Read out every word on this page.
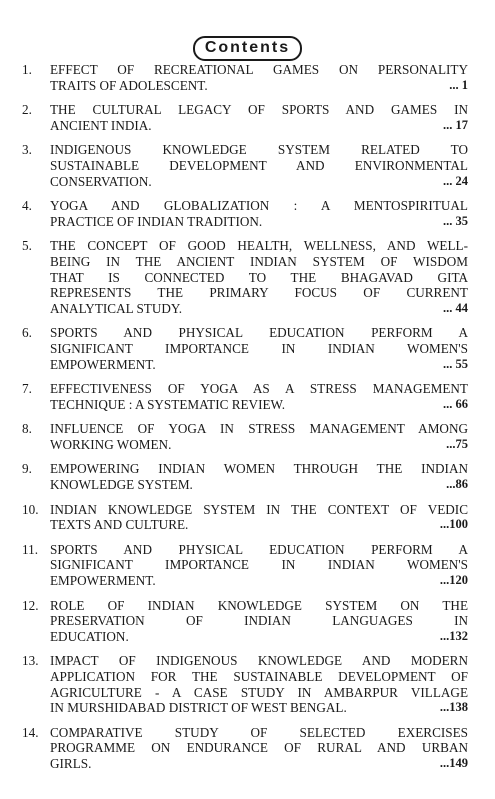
Contents
1.	EFFECT OF RECREATIONAL GAMES ON PERSONALITY
TRAITS OF ADOLESCENT.	... 1
2.	THE CULTURAL LEGACY OF SPORTS AND GAMES IN
ANCIENT INDIA.	... 17
3.	INDIGENOUS KNOWLEDGE SYSTEM RELATED TO
SUSTAINABLE DEVELOPMENT AND ENVIRONMENTAL
CONSERVATION.	... 24
4.	YOGA AND GLOBALIZATION : A MENTOSPIRITUAL
PRACTICE OF INDIAN TRADITION.	... 35
5.	THE CONCEPT OF GOOD HEALTH, WELLNESS, AND WELL-
BEING IN THE ANCIENT INDIAN SYSTEM OF WISDOM
THAT IS CONNECTED TO THE BHAGAVAD GITA
REPRESENTS THE PRIMARY FOCUS OF CURRENT
ANALYTICAL STUDY.	... 44
6.	SPORTS AND PHYSICAL EDUCATION PERFORM A
SIGNIFICANT IMPORTANCE IN INDIAN WOMEN'S
EMPOWERMENT.	... 55
7.	EFFECTIVENESS OF YOGA AS A STRESS MANAGEMENT
TECHNIQUE : A SYSTEMATIC REVIEW.	... 66
8.	INFLUENCE OF YOGA IN STRESS MANAGEMENT AMONG
WORKING WOMEN.	...75
9.	EMPOWERING INDIAN WOMEN THROUGH THE INDIAN
KNOWLEDGE SYSTEM.	...86
10. INDIAN KNOWLEDGE SYSTEM IN THE CONTEXT OF VEDIC
TEXTS AND CULTURE.	...100
11. SPORTS AND PHYSICAL EDUCATION PERFORM A
SIGNIFICANT IMPORTANCE IN INDIAN WOMEN'S
EMPOWERMENT.	...120
12. ROLE OF INDIAN KNOWLEDGE SYSTEM ON THE
PRESERVATION OF INDIAN LANGUAGES IN
EDUCATION.	...132
13. IMPACT OF INDIGENOUS KNOWLEDGE AND MODERN
APPLICATION FOR THE SUSTAINABLE DEVELOPMENT OF
AGRICULTURE - A CASE STUDY IN AMBARPUR VILLAGE
IN MURSHIDABAD DISTRICT OF WEST BENGAL.	...138
14. COMPARATIVE STUDY OF SELECTED EXERCISES
PROGRAMME ON ENDURANCE OF RURAL AND URBAN
GIRLS.	...149
